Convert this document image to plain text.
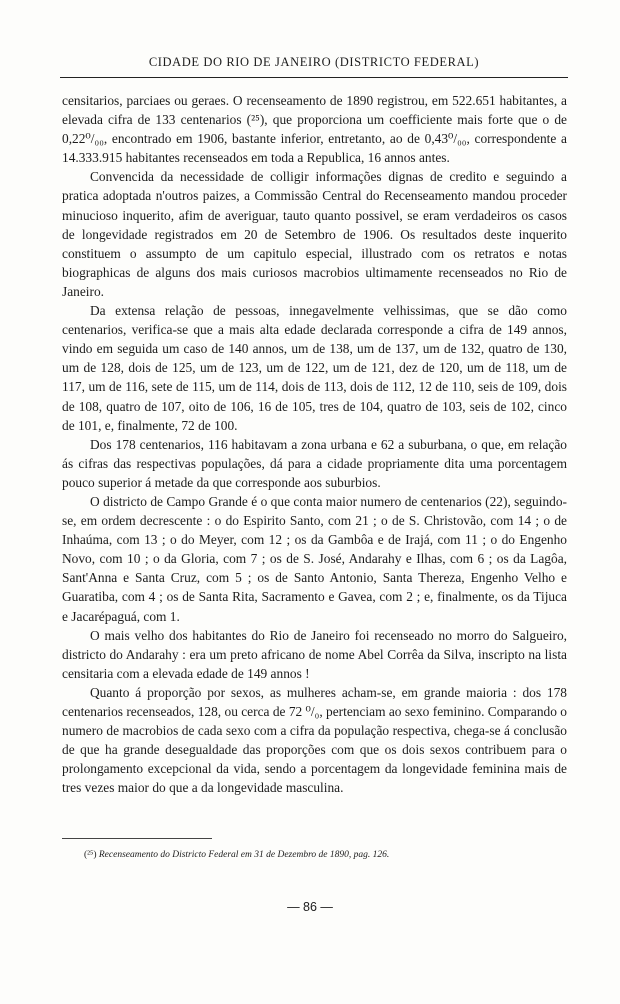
CIDADE DO RIO DE JANEIRO (DISTRICTO FEDERAL)

censitarios, parciaes ou geraes. O recenseamento de 1890 registrou, em 522.651 habitantes, a elevada cifra de 133 centenarios (²⁵), que proporciona um coefficiente mais forte que o de 0,22⁰/₀₀, encontrado em 1906, bastante inferior, entretanto, ao de 0,43⁰/₀₀, correspondente a 14.333.915 habitantes recenseados em toda a Republica, 16 annos antes.

Convencida da necessidade de colligir informações dignas de credito e seguindo a pratica adoptada n'outros paizes, a Commissão Central do Recenseamento mandou proceder minucioso inquerito, afim de averiguar, tauto quanto possivel, se eram verdadeiros os casos de longevidade registrados em 20 de Setembro de 1906. Os resultados deste inquerito constituem o assumpto de um capitulo especial, illustrado com os retratos e notas biographicas de alguns dos mais curiosos macrobios ultimamente recenseados no Rio de Janeiro.

Da extensa relação de pessoas, innegavelmente velhissimas, que se dão como centenarios, verifica-se que a mais alta edade declarada corresponde a cifra de 149 annos, vindo em seguida um caso de 140 annos, um de 138, um de 137, um de 132, quatro de 130, um de 128, dois de 125, um de 123, um de 122, um de 121, dez de 120, um de 118, um de 117, um de 116, sete de 115, um de 114, dois de 113, dois de 112, 12 de 110, seis de 109, dois de 108, quatro de 107, oito de 106, 16 de 105, tres de 104, quatro de 103, seis de 102, cinco de 101, e, finalmente, 72 de 100.

Dos 178 centenarios, 116 habitavam a zona urbana e 62 a suburbana, o que, em relação ás cifras das respectivas populações, dá para a cidade propriamente dita uma porcentagem pouco superior á metade da que corresponde aos suburbios.

O districto de Campo Grande é o que conta maior numero de centenarios (22), seguindo-se, em ordem decrescente : o do Espirito Santo, com 21 ; o de S. Christovão, com 14 ; o de Inhaúma, com 13 ; o do Meyer, com 12 ; os da Gambôa e de Irajá, com 11 ; o do Engenho Novo, com 10 ; o da Gloria, com 7 ; os de S. José, Andarahy e Ilhas, com 6 ; os da Lagôa, Sant'Anna e Santa Cruz, com 5 ; os de Santo Antonio, Santa Thereza, Engenho Velho e Guaratiba, com 4 ; os de Santa Rita, Sacramento e Gavea, com 2 ; e, finalmente, os da Tijuca e Jacarépaguá, com 1.

O mais velho dos habitantes do Rio de Janeiro foi recenseado no morro do Salgueiro, districto do Andarahy : era um preto africano de nome Abel Corrêa da Silva, inscripto na lista censitaria com a elevada edade de 149 annos !

Quanto á proporção por sexos, as mulheres acham-se, em grande maioria : dos 178 centenarios recenseados, 128, ou cerca de 72 ⁰/₀, pertenciam ao sexo feminino. Comparando o numero de macrobios de cada sexo com a cifra da população respectiva, chega-se á conclusão de que ha grande desegualdade das proporções com que os dois sexos contribuem para o prolongamento excepcional da vida, sendo a porcentagem da longevidade feminina mais de tres vezes maior do que a da longevidade masculina.

(²⁵) Recenseamento do Districto Federal em 31 de Dezembro de 1890, pag. 126.
— 86 —
